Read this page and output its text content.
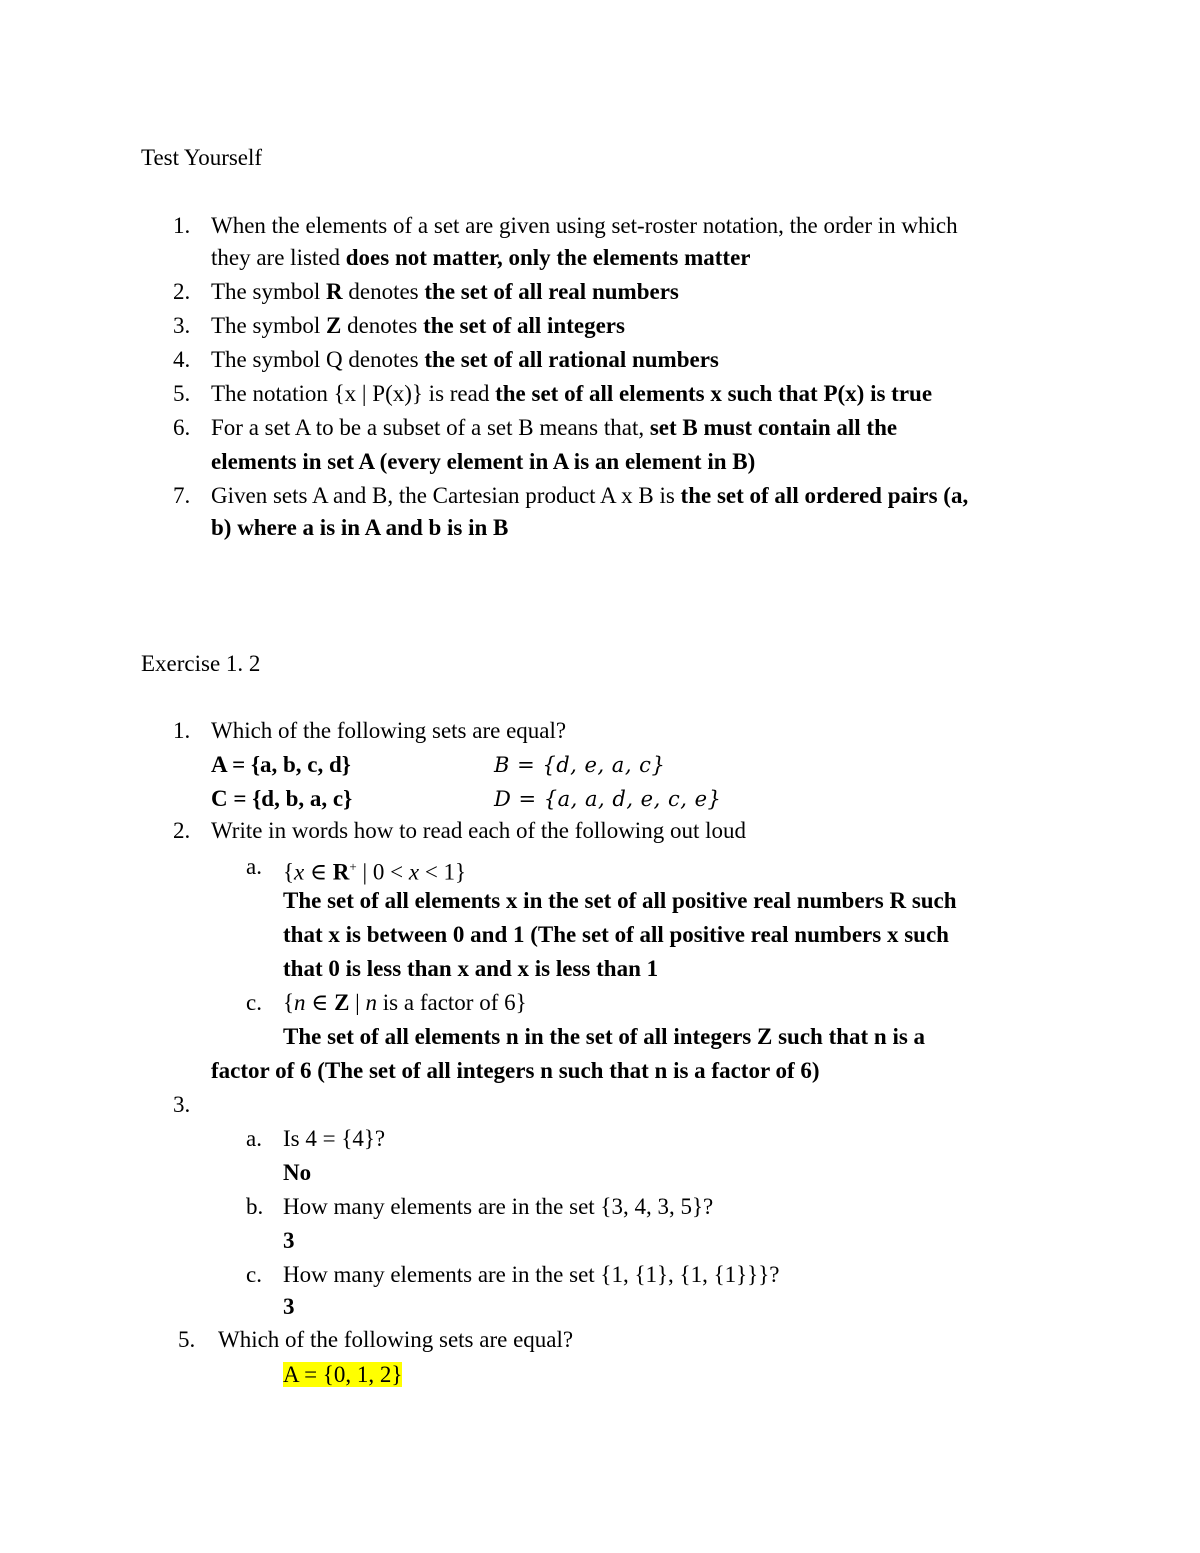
Test Yourself
1. When the elements of a set are given using set-roster notation, the order in which
they are listed does not matter, only the elements matter
2. The symbol R denotes the set of all real numbers
3. The symbol Z denotes the set of all integers
4. The symbol Q denotes the set of all rational numbers
5. The notation {x | P(x)} is read the set of all elements x such that P(x) is true
6. For a set A to be a subset of a set B means that, set B must contain all the
elements in set A (every element in A is an element in B)
7. Given sets A and B, the Cartesian product A x B is the set of all ordered pairs (a,
b) where a is in A and b is in B
Exercise 1. 2
1. Which of the following sets are equal?
A = {a, b, c, d}	B = {d, e, a, c}
C = {d, b, a, c}	D = {a, a, d, e, c, e}
2. Write in words how to read each of the following out loud
a. {x ∈ R+ | 0 < x < 1}
The set of all elements x in the set of all positive real numbers R such
that x is between 0 and 1 (The set of all positive real numbers x such
that 0 is less than x and x is less than 1
c. {n ∈ Z | n is a factor of 6}
The set of all elements n in the set of all integers Z such that n is a
factor of 6 (The set of all integers n such that n is a factor of 6)
3.
a. Is 4 = {4}?
No
b. How many elements are in the set {3, 4, 3, 5}?
3
c. How many elements are in the set {1, {1}, {1, {1}}}?
3
5. Which of the following sets are equal?
A = {0, 1, 2}
